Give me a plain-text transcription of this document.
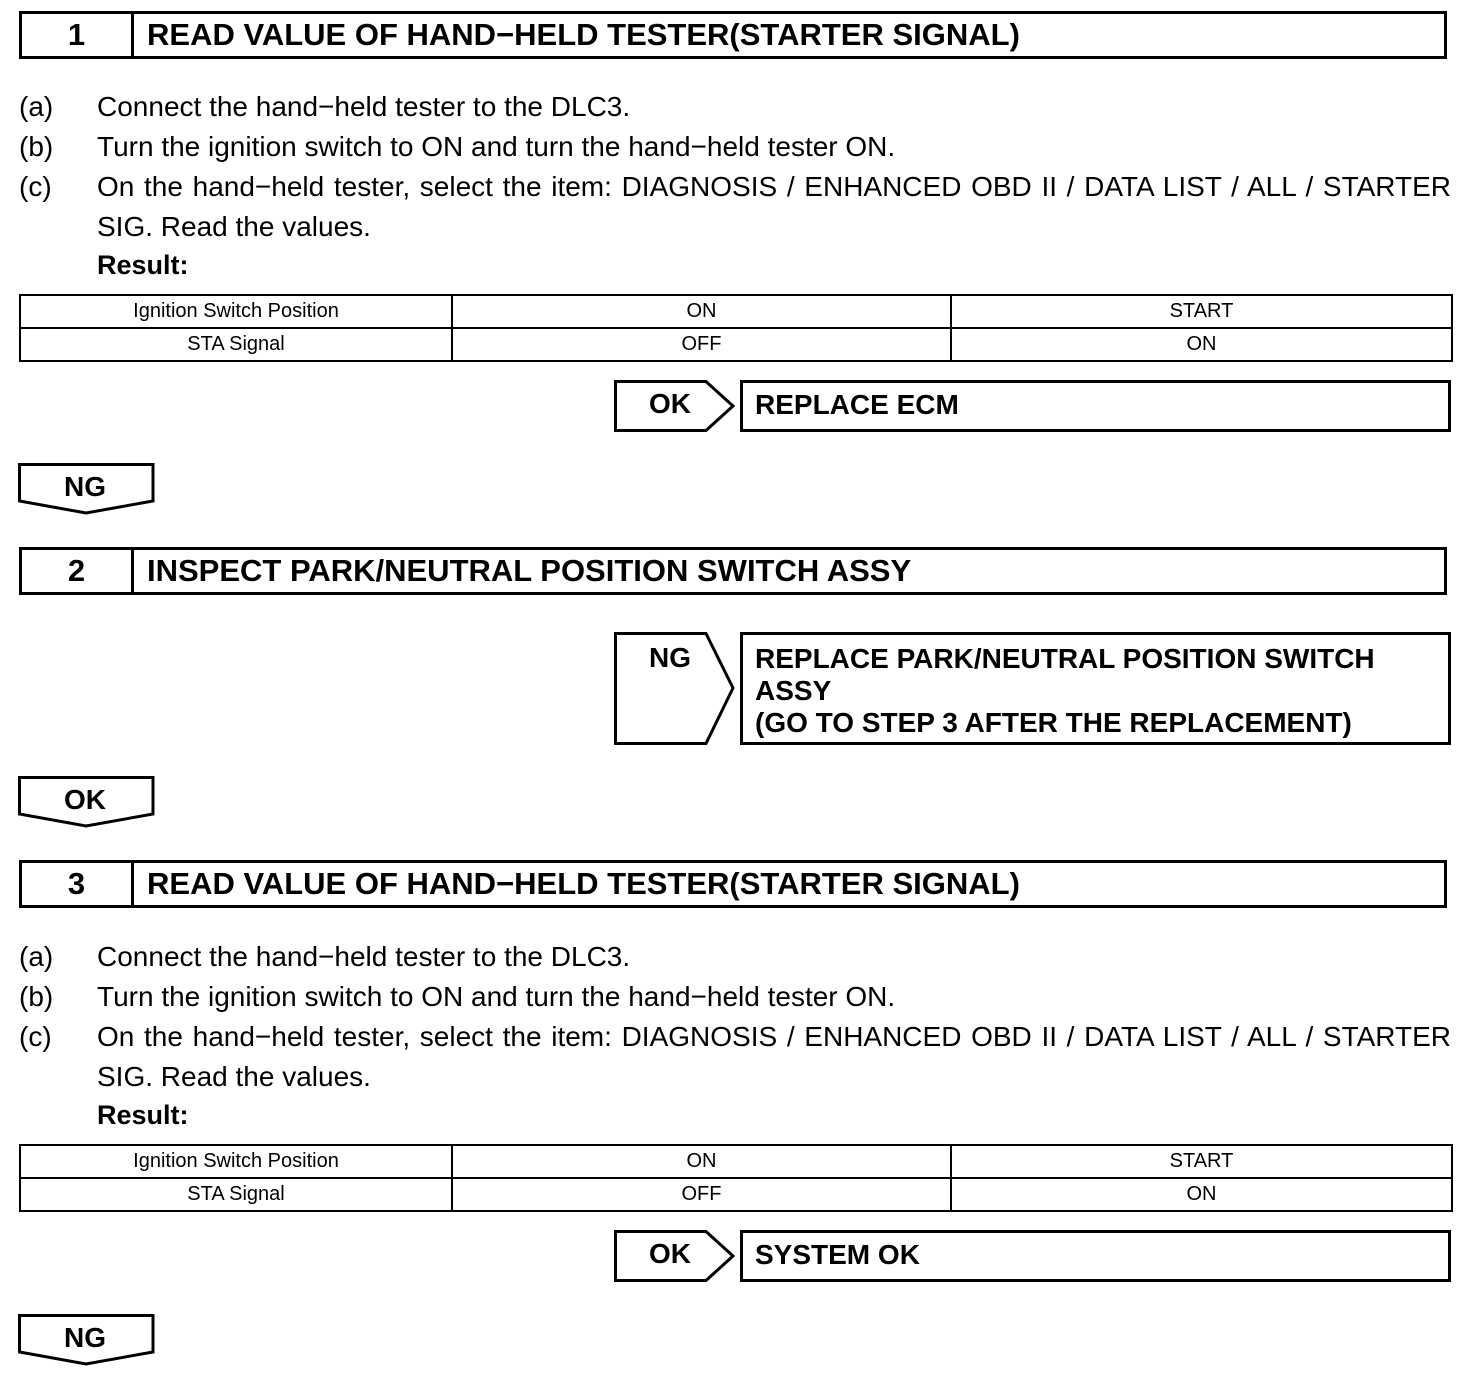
1	READ VALUE OF HAND−HELD TESTER(STARTER SIGNAL)
(a)	Connect the hand−held tester to the DLC3.
(b)	Turn the ignition switch to ON and turn the hand−held tester ON.
(c)	On the hand−held tester, select the item: DIAGNOSIS / ENHANCED OBD II / DATA LIST / ALL / STARTER SIG. Read the values.
Result:
Ignition Switch Position	ON	START
STA Signal	OFF	ON
OK	REPLACE ECM
NG
2	INSPECT PARK/NEUTRAL POSITION SWITCH ASSY
NG	REPLACE PARK/NEUTRAL POSITION SWITCH
ASSY
(GO TO STEP 3 AFTER THE REPLACEMENT)
OK
3	READ VALUE OF HAND−HELD TESTER(STARTER SIGNAL)
(a)	Connect the hand−held tester to the DLC3.
(b)	Turn the ignition switch to ON and turn the hand−held tester ON.
(c)	On the hand−held tester, select the item: DIAGNOSIS / ENHANCED OBD II / DATA LIST / ALL / STARTER SIG. Read the values.
Result:
Ignition Switch Position	ON	START
STA Signal	OFF	ON
OK	SYSTEM OK
NG
